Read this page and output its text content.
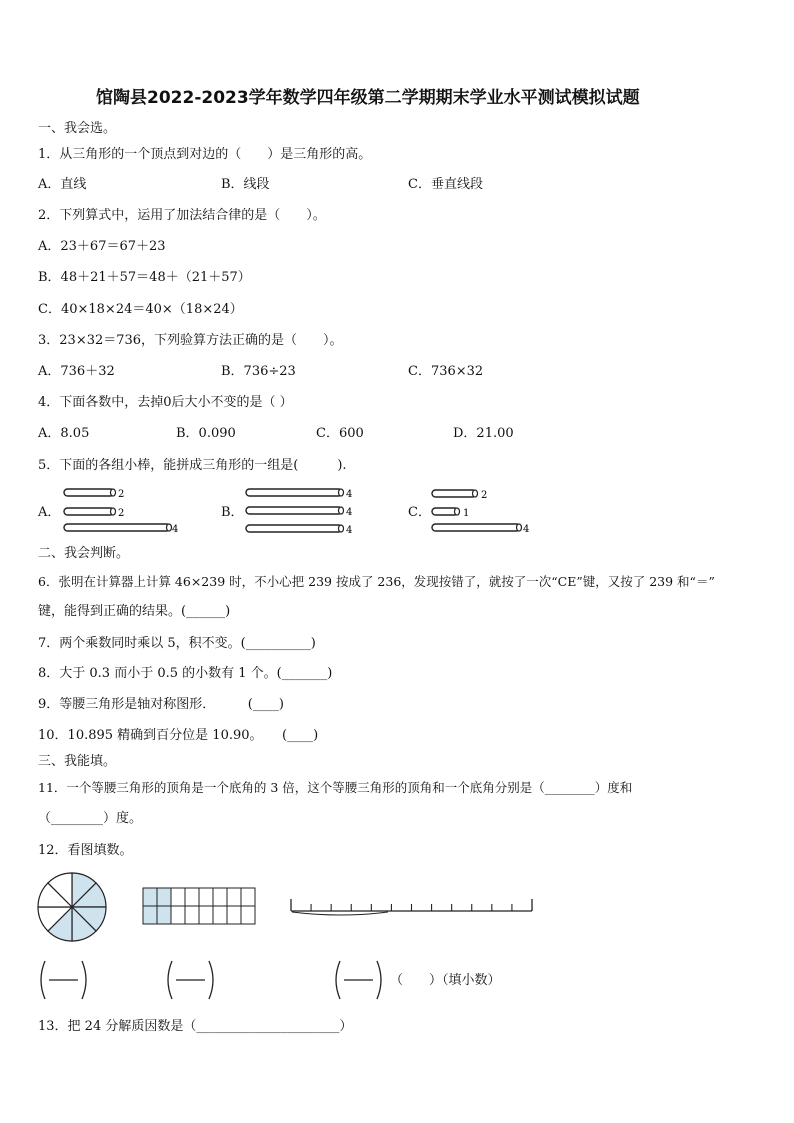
馆陶县2022-2023学年数学四年级第二学期期末学业水平测试模拟试题
一、我会选。
1．从三角形的一个顶点到对边的（　　）是三角形的高。
A．直线	B．线段	C．垂直线段
2．下列算式中，运用了加法结合律的是（　　）。
A．23＋67＝67＋23
B．48＋21＋57＝48＋（21＋57）
C．40×18×24＝40×（18×24）
3．23×32＝736，下列验算方法正确的是（　　）。
A．736＋32	B．736÷23	C．736×32
4．下面各数中，去掉0后大小不变的是（ ）
A．8.05	B．0.090	C．600	D．21.00
5．下面的各组小棒，能拼成三角形的一组是(　　　).
A．	B．	C．
2
2
4
4
4
4
2
1
4
二、我会判断。
6．张明在计算器上计算 46×239 时，不小心把 239 按成了 236，发现按错了，就按了一次“CE”键，又按了 239 和“＝”
键，能得到正确的结果。(______)
7．两个乘数同时乘以 5，积不变。(__________)
8．大于 0.3 而小于 0.5 的小数有 1 个。(_______)
9．等腰三角形是轴对称图形．　　　(____)
10．10.895 精确到百分位是 10.90。　　(____)
三、我能填。
11．一个等腰三角形的顶角是一个底角的 3 倍，这个等腰三角形的顶角和一个底角分别是（________）度和
（________）度。
12．看图填数。
（　　）（填小数）
13．把 24 分解质因数是（______________________）
